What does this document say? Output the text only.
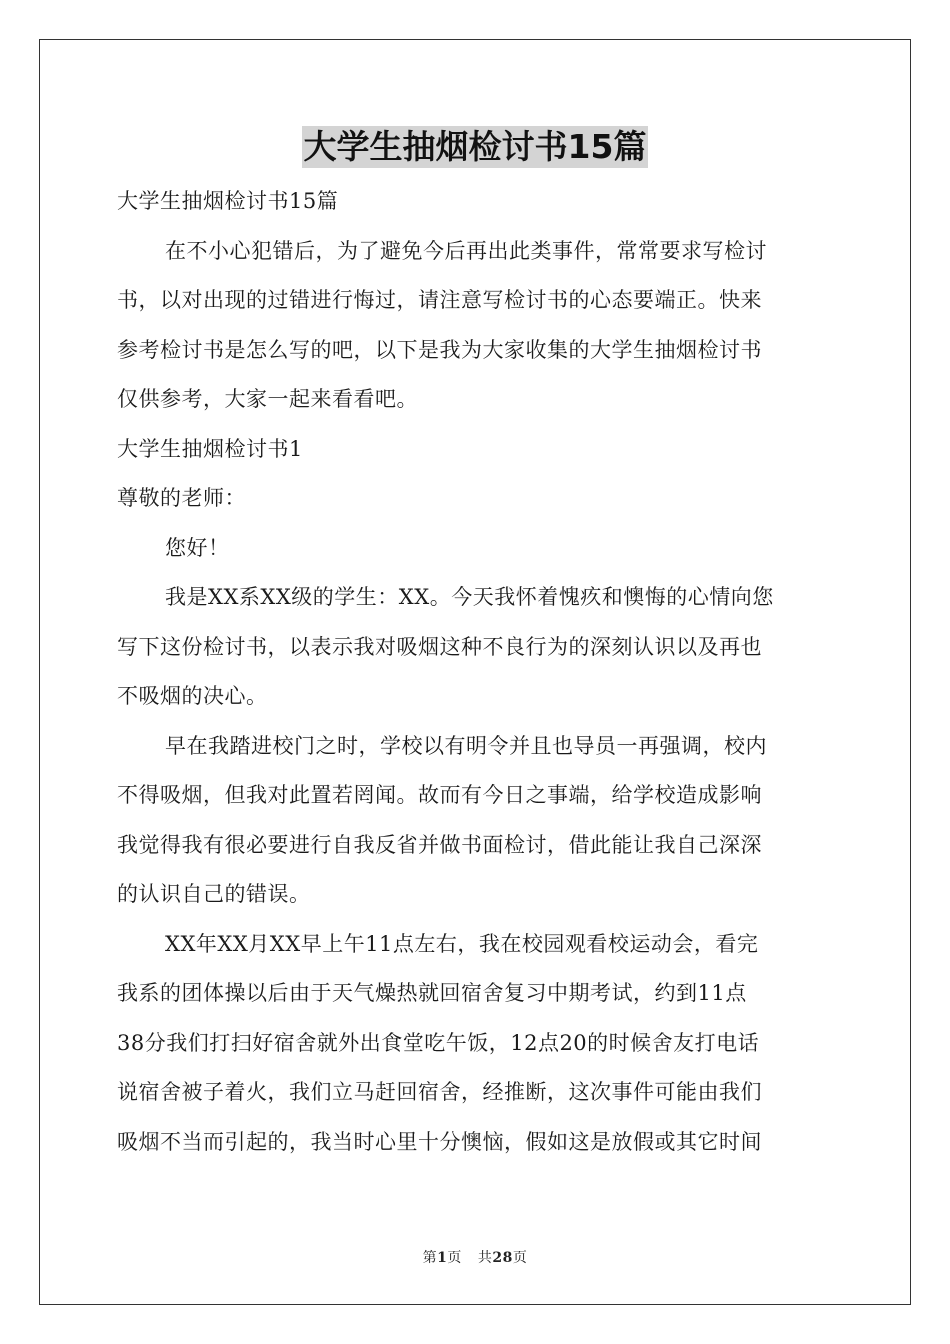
大学生抽烟检讨书15篇
大学生抽烟检讨书15篇
在不小心犯错后，为了避免今后再出此类事件，常常要求写检讨
书，以对出现的过错进行悔过，请注意写检讨书的心态要端正。快来
参考检讨书是怎么写的吧，以下是我为大家收集的大学生抽烟检讨书
仅供参考，大家一起来看看吧。
大学生抽烟检讨书1
尊敬的老师：
您好！
我是XX系XX级的学生：XX。今天我怀着愧疚和懊悔的心情向您
写下这份检讨书，以表示我对吸烟这种不良行为的深刻认识以及再也
不吸烟的决心。
早在我踏进校门之时，学校以有明令并且也导员一再强调，校内
不得吸烟，但我对此置若罔闻。故而有今日之事端，给学校造成影响
我觉得我有很必要进行自我反省并做书面检讨，借此能让我自己深深
的认识自己的错误。
XX年XX月XX早上午11点左右，我在校园观看校运动会，看完
我系的团体操以后由于天气燥热就回宿舍复习中期考试，约到11点
38分我们打扫好宿舍就外出食堂吃午饭，12点20的时候舍友打电话
说宿舍被子着火，我们立马赶回宿舍，经推断，这次事件可能由我们
吸烟不当而引起的，我当时心里十分懊恼，假如这是放假或其它时间
第1页 共28页
